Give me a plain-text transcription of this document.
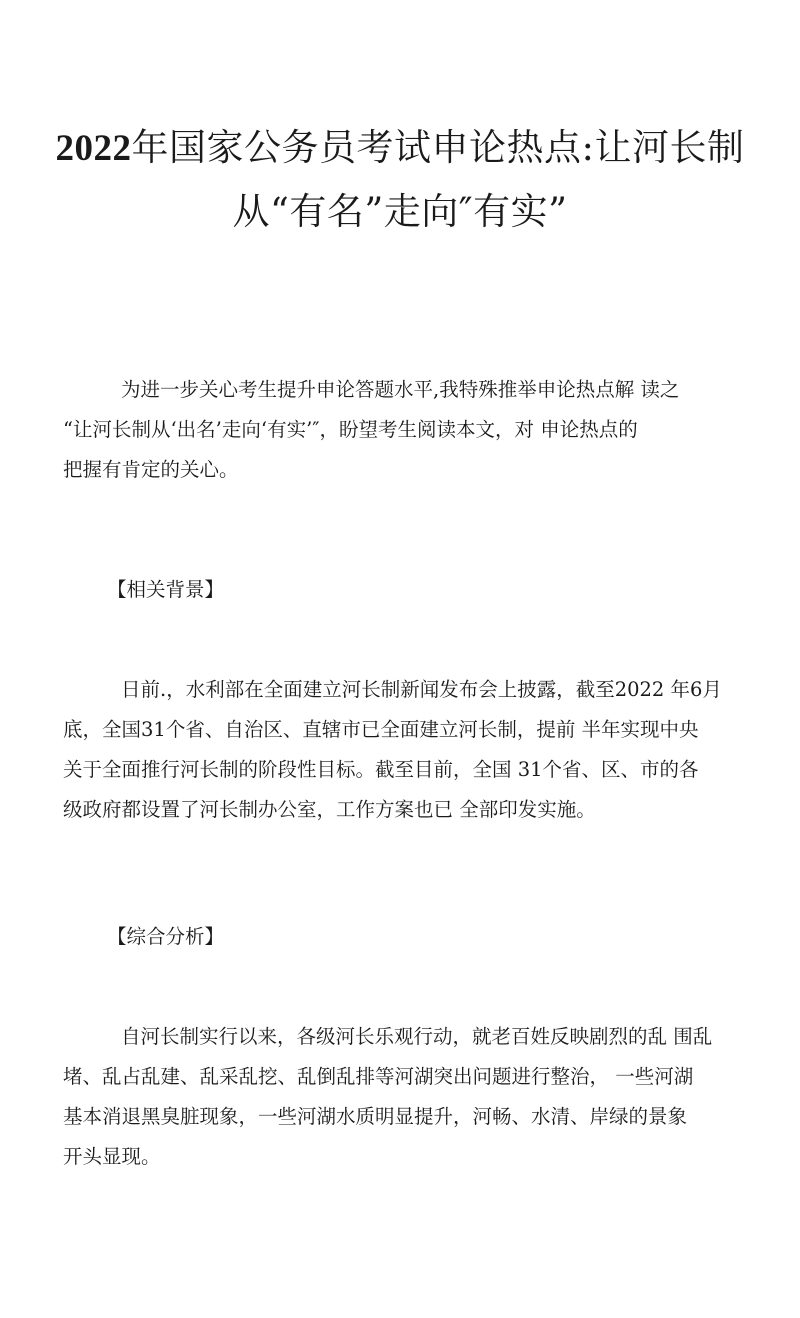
2022年国家公务员考试申论热点:让河长制
从“有名”走向″有实”
为进一步关心考生提升申论答题水平,我特殊推举申论热点解 读之
“让河长制从‘出名’走向‘有实’″，盼望考生阅读本文，对 申论热点的
把握有肯定的关心。
【相关背景】
日前.，水利部在全面建立河长制新闻发布会上披露，截至2022 年6月
底，全国31个省、自治区、直辖市已全面建立河长制，提前 半年实现中央
关于全面推行河长制的阶段性目标。截至目前，全国 31个省、区、市的各
级政府都设置了河长制办公室，工作方案也已 全部印发实施。
【综合分析】
自河长制实行以来，各级河长乐观行动，就老百姓反映剧烈的乱 围乱
堵、乱占乱建、乱采乱挖、乱倒乱排等河湖突出问题进行整治， 一些河湖
基本消退黑臭脏现象，一些河湖水质明显提升，河畅、水清、岸绿的景象
开头显现。
